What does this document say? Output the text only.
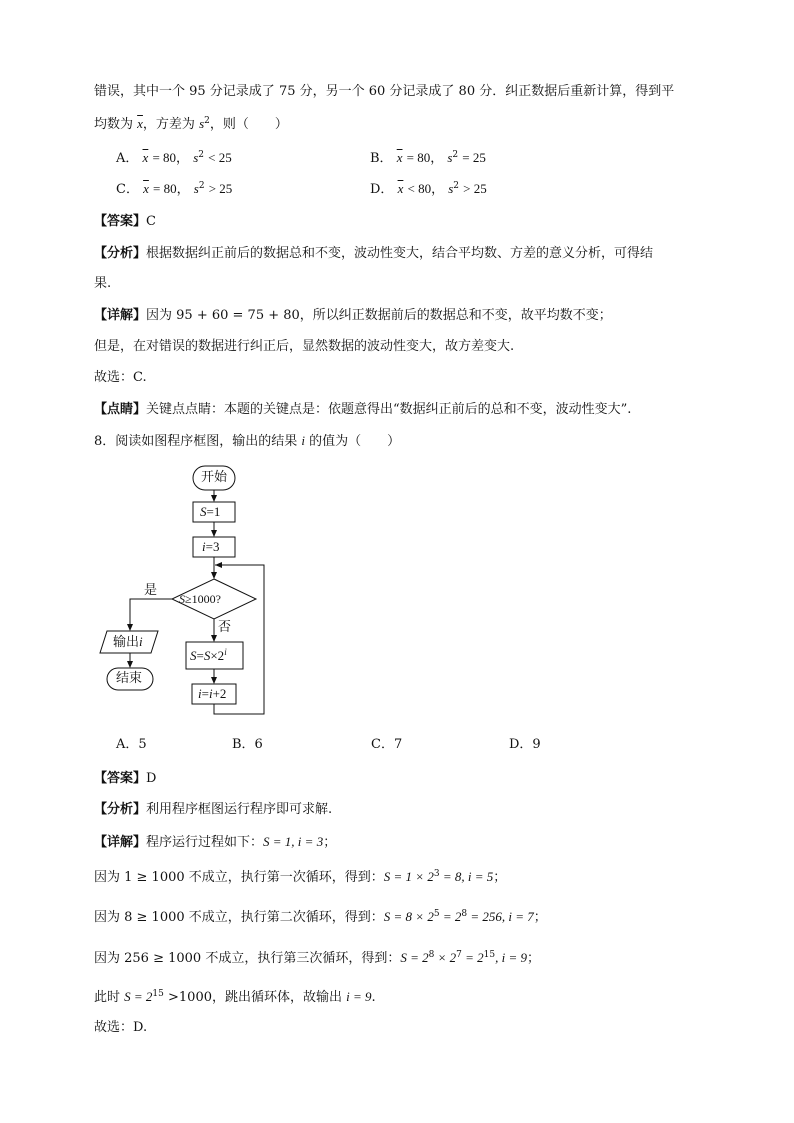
错误，其中一个 95 分记录成了 75 分，另一个 60 分记录成了 80 分．纠正数据后重新计算，得到平
均数为 $\overline{x}$，方差为 $s^2$，则（　　）
A． $\overline{x} = 80$， $s^2 < 25$	B． $\overline{x} = 80$， $s^2 = 25$
C． $\overline{x} = 80$， $s^2 > 25$	D． $\overline{x} < 80$， $s^2 > 25$
【答案】C
【分析】根据数据纠正前后的数据总和不变，波动性变大，结合平均数、方差的意义分析，可得结
果.
【详解】因为 95 + 60 = 75 + 80，所以纠正数据前后的数据总和不变，故平均数不变；
但是，在对错误的数据进行纠正后，显然数据的波动性变大，故方差变大.
故选：C.
【点睛】关键点点睛：本题的关键点是：依题意得出“数据纠正前后的总和不变，波动性变大”.
8．阅读如图程序框图，输出的结果 i 的值为（　　）
开始
S=1
i=3
S≥1000?
是
否
输出i
结束
$S=S\times 2^i$
i=i+2
A．5	B．6	C．7	D．9
【答案】D
【分析】利用程序框图运行程序即可求解.
【详解】程序运行过程如下：S = 1, i = 3；
因为 1 ≥ 1000 不成立，执行第一次循环，得到：$S = 1 \times 2^3 = 8$, i = 5；
因为 8 ≥ 1000 不成立，执行第二次循环，得到：$S = 8 \times 2^5 = 2^8 = 256$, i = 7；
因为 256 ≥ 1000 不成立，执行第三次循环，得到：$S = 2^8 \times 2^7 = 2^{15}$, i = 9；
此时 $S = 2^{15} >1000$，跳出循环体，故输出 i = 9.
故选：D.
